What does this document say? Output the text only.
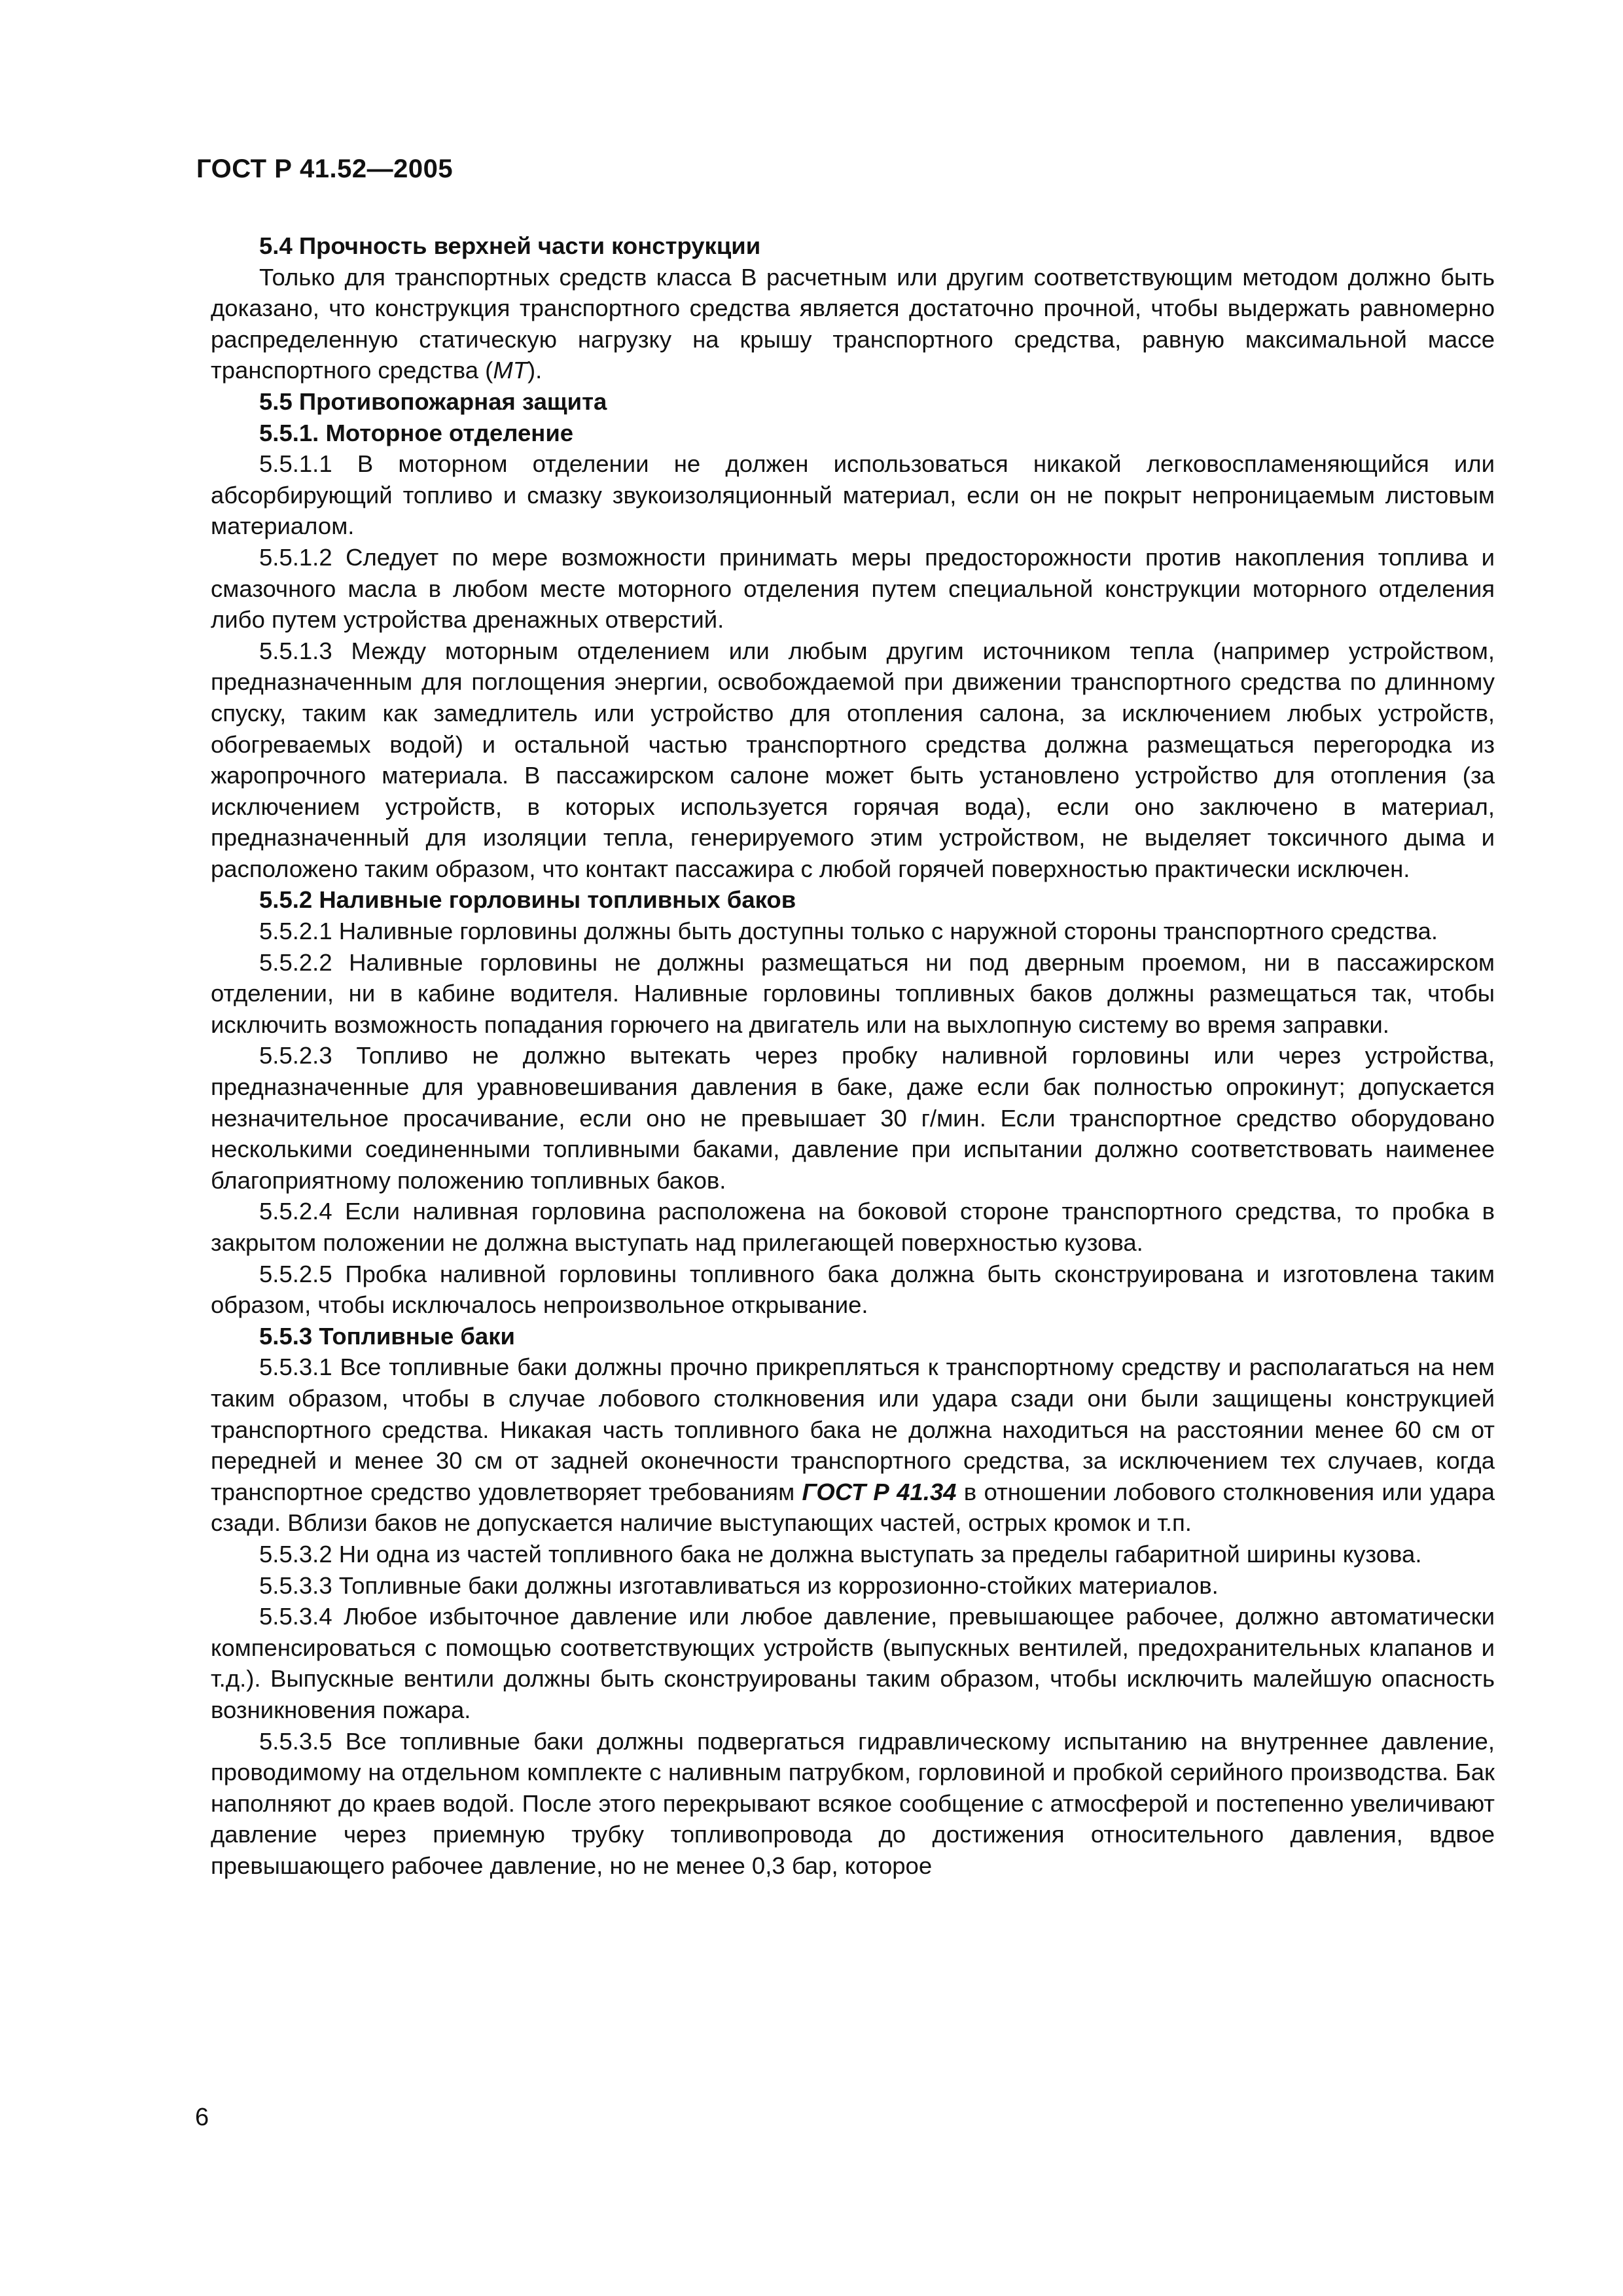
ГОСТ Р 41.52—2005

5.4 Прочность верхней части конструкции

Только для транспортных средств класса В расчетным или другим соответствующим методом должно быть доказано, что конструкция транспортного средства является достаточно прочной, чтобы выдержать равномерно распределенную статическую нагрузку на крышу транспортного средства, равную максимальной массе транспортного средства (МТ).

5.5 Противопожарная защита

5.5.1. Моторное отделение

5.5.1.1 В моторном отделении не должен использоваться никакой легковоспламеняющийся или абсорбирующий топливо и смазку звукоизоляционный материал, если он не покрыт непроницаемым листовым материалом.

5.5.1.2 Следует по мере возможности принимать меры предосторожности против накопления топлива и смазочного масла в любом месте моторного отделения путем специальной конструкции моторного отделения либо путем устройства дренажных отверстий.

5.5.1.3 Между моторным отделением или любым другим источником тепла (например устройством, предназначенным для поглощения энергии, освобождаемой при движении транспортного средства по длинному спуску, таким как замедлитель или устройство для отопления салона, за исключением любых устройств, обогреваемых водой) и остальной частью транспортного средства должна размещаться перегородка из жаропрочного материала. В пассажирском салоне может быть установлено устройство для отопления (за исключением устройств, в которых используется горячая вода), если оно заключено в материал, предназначенный для изоляции тепла, генерируемого этим устройством, не выделяет токсичного дыма и расположено таким образом, что контакт пассажира с любой горячей поверхностью практически исключен.

5.5.2 Наливные горловины топливных баков

5.5.2.1 Наливные горловины должны быть доступны только с наружной стороны транспортного средства.

5.5.2.2 Наливные горловины не должны размещаться ни под дверным проемом, ни в пассажирском отделении, ни в кабине водителя. Наливные горловины топливных баков должны размещаться так, чтобы исключить возможность попадания горючего на двигатель или на выхлопную систему во время заправки.

5.5.2.3 Топливо не должно вытекать через пробку наливной горловины или через устройства, предназначенные для уравновешивания давления в баке, даже если бак полностью опрокинут; допускается незначительное просачивание, если оно не превышает 30 г/мин. Если транспортное средство оборудовано несколькими соединенными топливными баками, давление при испытании должно соответствовать наименее благоприятному положению топливных баков.

5.5.2.4 Если наливная горловина расположена на боковой стороне транспортного средства, то пробка в закрытом положении не должна выступать над прилегающей поверхностью кузова.

5.5.2.5 Пробка наливной горловины топливного бака должна быть сконструирована и изготовлена таким образом, чтобы исключалось непроизвольное открывание.

5.5.3 Топливные баки

5.5.3.1 Все топливные баки должны прочно прикрепляться к транспортному средству и располагаться на нем таким образом, чтобы в случае лобового столкновения или удара сзади они были защищены конструкцией транспортного средства. Никакая часть топливного бака не должна находиться на расстоянии менее 60 см от передней и менее 30 см от задней оконечности транспортного средства, за исключением тех случаев, когда транспортное средство удовлетворяет требованиям ГОСТ Р 41.34 в отношении лобового столкновения или удара сзади. Вблизи баков не допускается наличие выступающих частей, острых кромок и т.п.

5.5.3.2 Ни одна из частей топливного бака не должна выступать за пределы габаритной ширины кузова.

5.5.3.3 Топливные баки должны изготавливаться из коррозионно-стойких материалов.

5.5.3.4 Любое избыточное давление или любое давление, превышающее рабочее, должно автоматически компенсироваться с помощью соответствующих устройств (выпускных вентилей, предохранительных клапанов и т.д.). Выпускные вентили должны быть сконструированы таким образом, чтобы исключить малейшую опасность возникновения пожара.

5.5.3.5 Все топливные баки должны подвергаться гидравлическому испытанию на внутреннее давление, проводимому на отдельном комплекте с наливным патрубком, горловиной и пробкой серийного производства. Бак наполняют до краев водой. После этого перекрывают всякое сообщение с атмосферой и постепенно увеличивают давление через приемную трубку топливопровода до достижения относительного давления, вдвое превышающего рабочее давление, но не менее 0,3 бар, которое

6
